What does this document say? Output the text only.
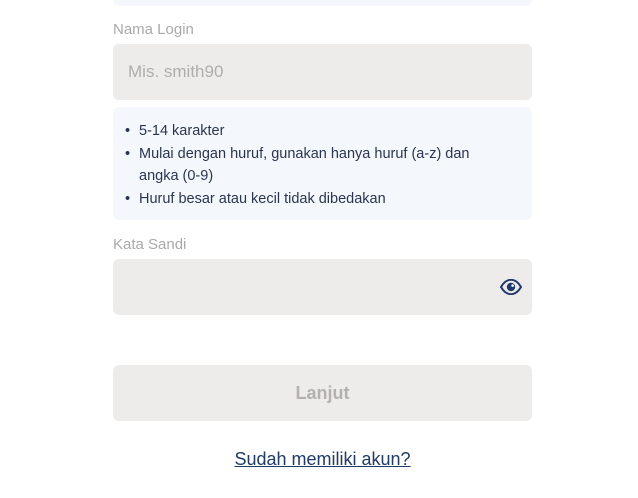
Nama Login
Mis. smith90
• 5-14 karakter
• Mulai dengan huruf, gunakan hanya huruf (a-z) dan angka (0-9)
• Huruf besar atau kecil tidak dibedakan
Kata Sandi
Lanjut
Sudah memiliki akun?
